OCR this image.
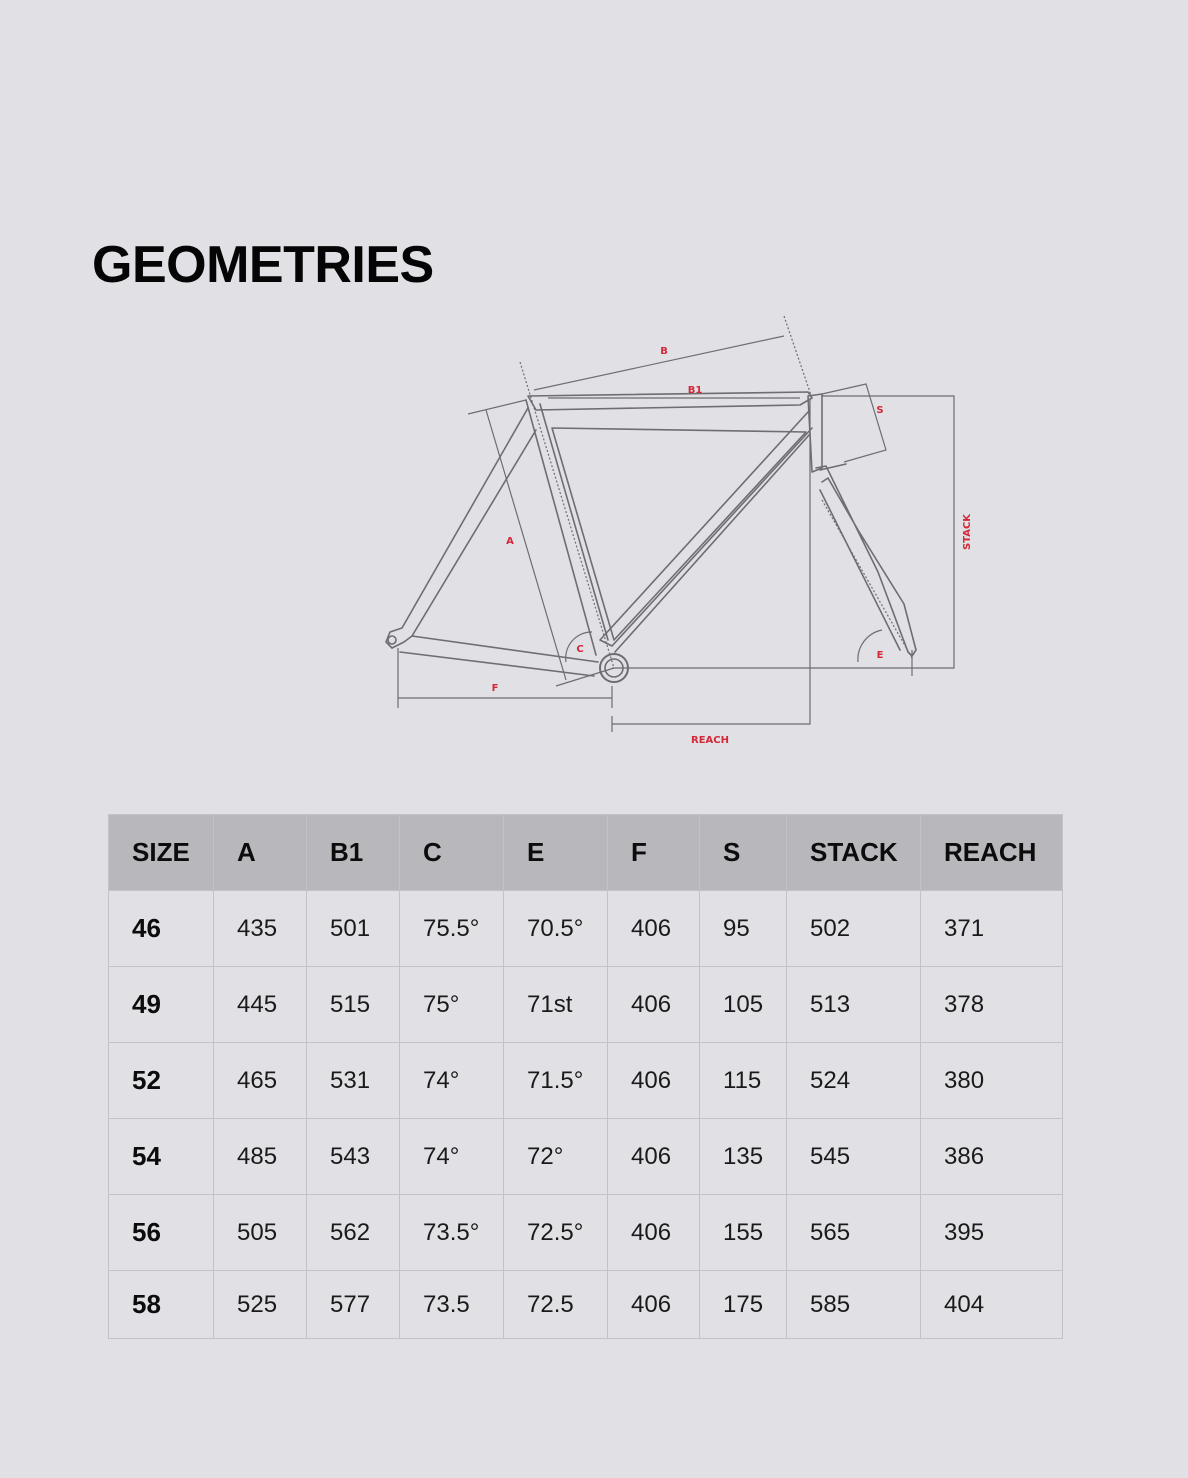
GEOMETRIES
B
B1
S
A
C
E
F
REACH
STACK
SIZE	A	B1	C	E	F	S	STACK	REACH
46	435	501	75.5°	70.5°	406	95	502	371
49	445	515	75°	71st	406	105	513	378
52	465	531	74°	71.5°	406	115	524	380
54	485	543	74°	72°	406	135	545	386
56	505	562	73.5°	72.5°	406	155	565	395
58	525	577	73.5	72.5	406	175	585	404
